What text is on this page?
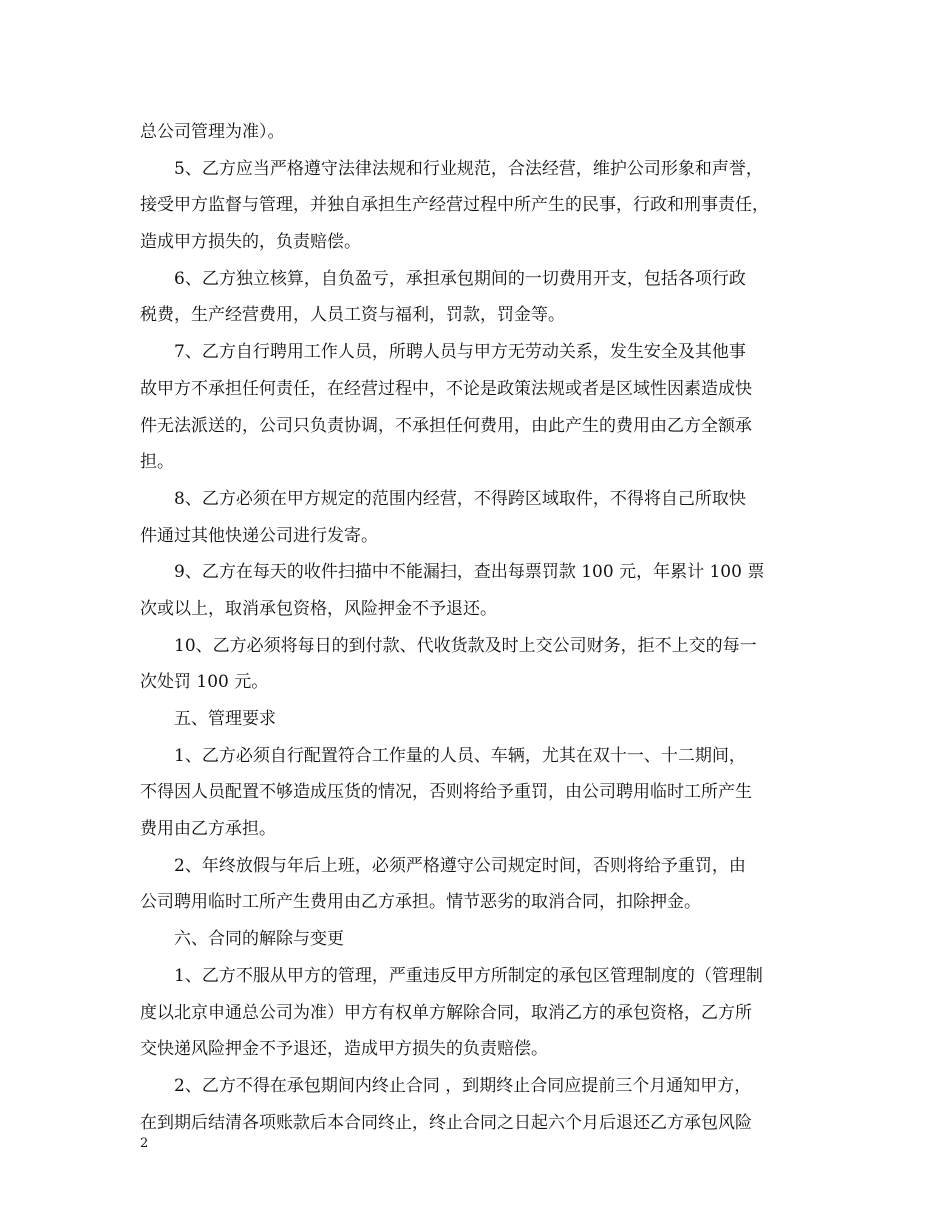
总公司管理为准）。
5、乙方应当严格遵守法律法规和行业规范，合法经营，维护公司形象和声誉，
接受甲方监督与管理，并独自承担生产经营过程中所产生的民事，行政和刑事责任，
造成甲方损失的，负责赔偿。
6、乙方独立核算，自负盈亏，承担承包期间的一切费用开支，包括各项行政
税费，生产经营费用，人员工资与福利，罚款，罚金等。
7、乙方自行聘用工作人员，所聘人员与甲方无劳动关系，发生安全及其他事
故甲方不承担任何责任，在经营过程中，不论是政策法规或者是区域性因素造成快
件无法派送的，公司只负责协调，不承担任何费用，由此产生的费用由乙方全额承
担。
8、乙方必须在甲方规定的范围内经营，不得跨区域取件，不得将自己所取快
件通过其他快递公司进行发寄。
9、乙方在每天的收件扫描中不能漏扫，查出每票罚款 100 元，年累计 100 票
次或以上，取消承包资格，风险押金不予退还。
10、乙方必须将每日的到付款、代收货款及时上交公司财务，拒不上交的每一
次处罚 100 元。
五、管理要求
1、乙方必须自行配置符合工作量的人员、车辆，尤其在双十一、十二期间，
不得因人员配置不够造成压货的情况，否则将给予重罚，由公司聘用临时工所产生
费用由乙方承担。
2、年终放假与年后上班，必须严格遵守公司规定时间，否则将给予重罚，由
公司聘用临时工所产生费用由乙方承担。情节恶劣的取消合同，扣除押金。
六、合同的解除与变更
1、乙方不服从甲方的管理，严重违反甲方所制定的承包区管理制度的（管理制
度以北京申通总公司为准）甲方有权单方解除合同，取消乙方的承包资格，乙方所
交快递风险押金不予退还，造成甲方损失的负责赔偿。
2、乙方不得在承包期间内终止合同 ，到期终止合同应提前三个月通知甲方，
在到期后结清各项账款后本合同终止，终止合同之日起六个月后退还乙方承包风险
2
